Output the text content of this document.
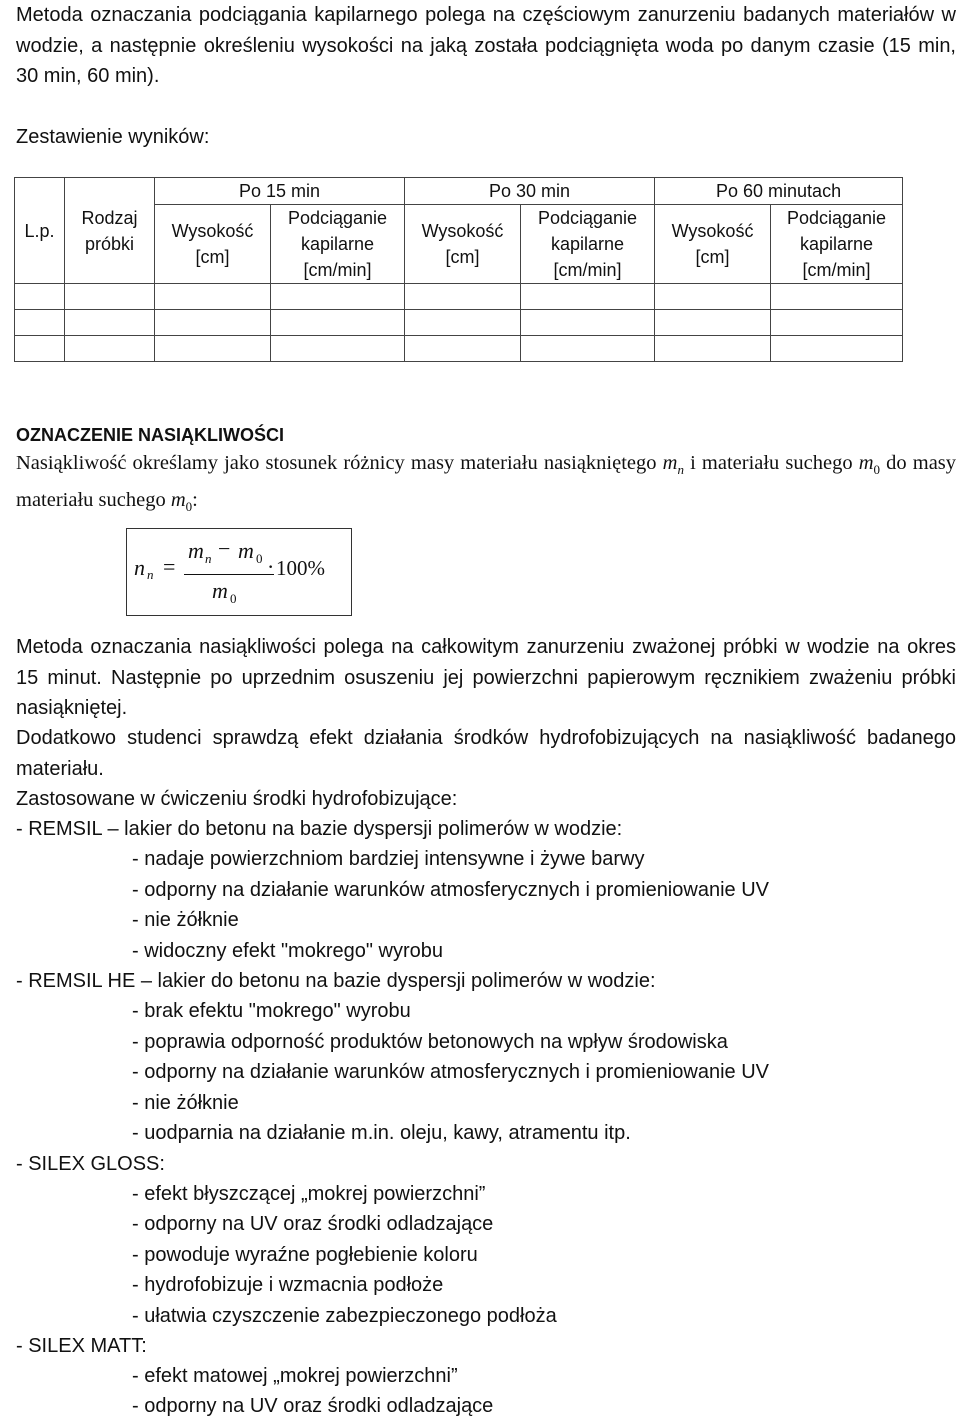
Metoda oznaczania podciągania kapilarnego polega na częściowym zanurzeniu badanych materiałów w wodzie, a następnie określeniu wysokości na jaką została podciągnięta woda po danym czasie (15 min, 30 min, 60 min).

Zestawienie wyników:

L.p.	Rodzaj próbki	Po 15 min		Po 30 min		Po 60 minutach	
		Wysokość [cm]	Podciąganie kapilarne [cm/min]	Wysokość [cm]	Podciąganie kapilarne [cm/min]	Wysokość [cm]	Podciąganie kapilarne [cm/min]

OZNACZENIE NASIĄKLIWOŚCI

Nasiąkliwość określamy jako stosunek różnicy masy materiału nasiąkniętego $m_n$ i materiału suchego $m_0$ do masy materiału suchego $m_0$:

n n =
m n − m 0
m 0
· 100%

Metoda oznaczania nasiąkliwości polega na całkowitym zanurzeniu zważonej próbki w wodzie na okres 15 minut. Następnie po uprzednim osuszeniu jej powierzchni papierowym ręcznikiem zważeniu próbki nasiąkniętej.

Dodatkowo studenci sprawdzą efekt działania środków hydrofobizujących na nasiąkliwość badanego materiału.

Zastosowane w ćwiczeniu środki hydrofobizujące:
- REMSIL – lakier do betonu na bazie dyspersji polimerów w wodzie:
- nadaje powierzchniom bardziej intensywne i żywe barwy
- odporny na działanie warunków atmosferycznych i promieniowanie UV
- nie żółknie
- widoczny efekt "mokrego" wyrobu
- REMSIL HE – lakier do betonu na bazie dyspersji polimerów w wodzie:
- brak efektu "mokrego" wyrobu
- poprawia odporność produktów betonowych na wpływ środowiska
- odporny na działanie warunków atmosferycznych i promieniowanie UV
- nie żółknie
- uodparnia na działanie m.in. oleju, kawy, atramentu itp.
- SILEX GLOSS:
- efekt błyszczącej „mokrej powierzchni”
- odporny na UV oraz środki odladzające
- powoduje wyraźne pogłebienie koloru
- hydrofobizuje i wzmacnia podłoże
- ułatwia czyszczenie zabezpieczonego podłoża
- SILEX MATT:
- efekt matowej „mokrej powierzchni”
- odporny na UV oraz środki odladzające
